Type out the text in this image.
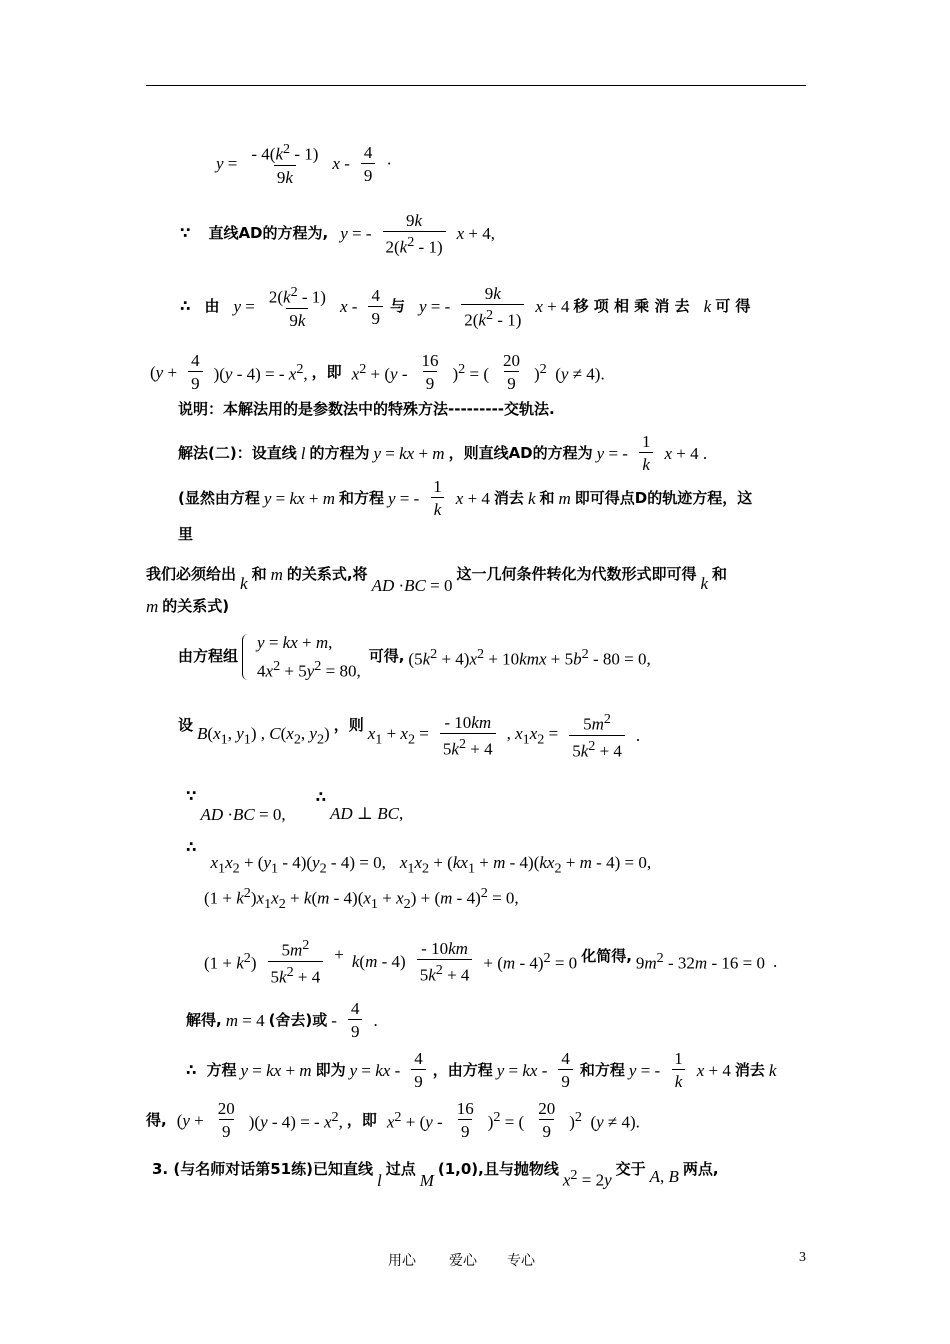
$y = \frac{- 4(k^2 - 1)}{9k}$ x - $\frac{4}{9}$ ·
∵ 直线AD的方程为, y = - $\frac{9k}{2(k^2 - 1)}$ x + 4,
∴ 由 $y = \frac{2(k^2 - 1)}{9k}$ x - $\frac{4}{9}$ 与 y = - $\frac{9k}{2(k^2 - 1)}$ x + 4 移 项 相 乘 消 去 k 可 得
$(y + \frac{4}{9} )(y - 4)$ = - $x^2$, ，即 $x^2 + (y - \frac{16}{9} )^2$ = ( $\frac{20}{9} )^2$  (y ≠ 4).
说明：本解法用的是参数法中的特殊方法---------交轨法.
解法(二)：设直线 l 的方程为 y = kx + m ，则直线AD的方程为 y = - $\frac{1}{k}$ x + 4 .
(显然由方程 y = kx + m 和方程 y = - $\frac{1}{k}$ x + 4 消去 k 和 m 即可得点D的轨迹方程，这
里
我们必须给出 k 和 m 的关系式,将
AD ·BC = 0
这一几何条件转化为代数形式即可得 k 和
m 的关系式)
由方程组
y = kx + m,
$4x^2 + 5y^2 = 80$,
可得, $(5k^2 + 4)x^2 + 10kmx + 5b^2 - 80 = 0$,
设 $B(x_1$, $y_1$) , $C(x_2$, $y_2$) ，则 $x_1 + x_2 = \frac{- 10km}{5k^2 + 4}$ , $x_1x_2 = \frac{5m^2}{5k^2 + 4}$ .
∵
AD ·BC = 0,
∴
AD ⊥ BC,
∴
$x_1x_2 + (y_1 - 4)(y_2 - 4) = 0$, $x_1x_2 + (kx_1 + m - 4)(kx_2 + m - 4) = 0$,
$(1 + k^2)x_1x_2 + k(m - 4)(x_1 + x_2) + (m - 4)^2 = 0$,
$(1 + k^2) \frac{5m^2}{5k^2 + 4} + k(m - 4) \frac{- 10km}{5k^2 + 4} + (m - 4)^2 = 0$ 化简得, $9m^2 - 32m - 16 = 0$ .
解得, m = 4 (舍去)或 - $\frac{4}{9}$ .
∴ 方程 y = kx + m 即为 y = kx - $\frac{4}{9}$ ，由方程 y = kx - $\frac{4}{9}$ 和方程 y = - $\frac{1}{k}$ x + 4 消去 k
得, $(y + \frac{20}{9} )(y - 4)$ = - $x^2$, ，即 $x^2 + (y - \frac{16}{9} )^2$ = ( $\frac{20}{9} )^2$  (y ≠ 4).
3. (与名师对话第51练)已知直线
l
过点
M
(1,0),且与抛物线
$x^2 = 2y$
交于 A, B 两点,
用心 爱心 专心	3
